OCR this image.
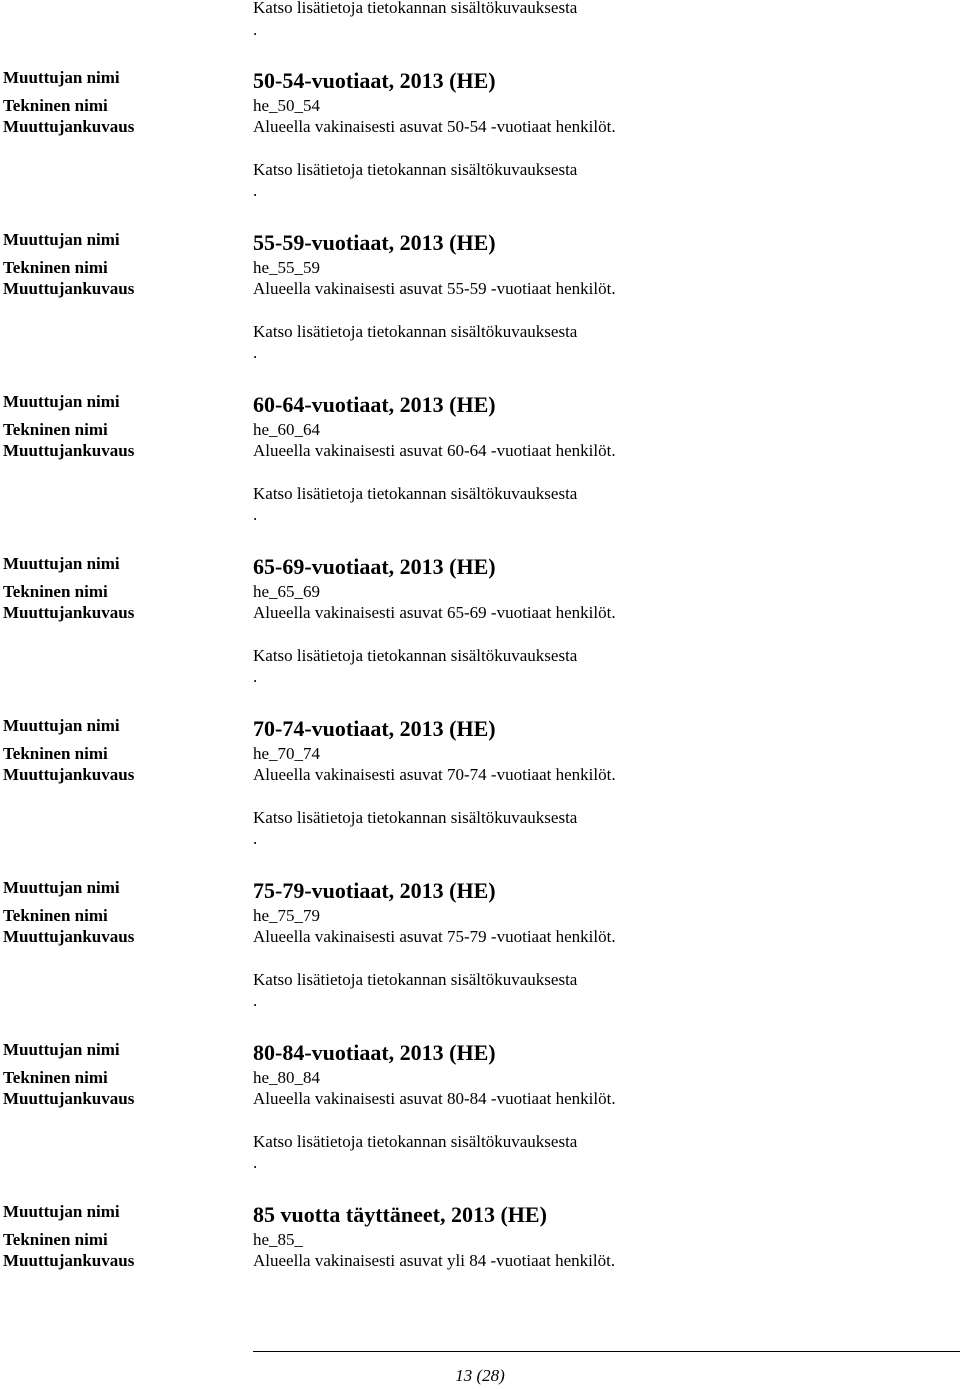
Katso lisätietoja tietokannan sisältökuvauksesta
.
Muuttujan nimi	50-54-vuotiaat, 2013 (HE)
Tekninen nimi	he_50_54
Muuttujankuvaus	Alueella vakinaisesti asuvat 50-54 -vuotiaat henkilöt.
Katso lisätietoja tietokannan sisältökuvauksesta
.
Muuttujan nimi	55-59-vuotiaat, 2013 (HE)
Tekninen nimi	he_55_59
Muuttujankuvaus	Alueella vakinaisesti asuvat 55-59 -vuotiaat henkilöt.
Katso lisätietoja tietokannan sisältökuvauksesta
.
Muuttujan nimi	60-64-vuotiaat, 2013 (HE)
Tekninen nimi	he_60_64
Muuttujankuvaus	Alueella vakinaisesti asuvat 60-64 -vuotiaat henkilöt.
Katso lisätietoja tietokannan sisältökuvauksesta
.
Muuttujan nimi	65-69-vuotiaat, 2013 (HE)
Tekninen nimi	he_65_69
Muuttujankuvaus	Alueella vakinaisesti asuvat 65-69 -vuotiaat henkilöt.
Katso lisätietoja tietokannan sisältökuvauksesta
.
Muuttujan nimi	70-74-vuotiaat, 2013 (HE)
Tekninen nimi	he_70_74
Muuttujankuvaus	Alueella vakinaisesti asuvat 70-74 -vuotiaat henkilöt.
Katso lisätietoja tietokannan sisältökuvauksesta
.
Muuttujan nimi	75-79-vuotiaat, 2013 (HE)
Tekninen nimi	he_75_79
Muuttujankuvaus	Alueella vakinaisesti asuvat 75-79 -vuotiaat henkilöt.
Katso lisätietoja tietokannan sisältökuvauksesta
.
Muuttujan nimi	80-84-vuotiaat, 2013 (HE)
Tekninen nimi	he_80_84
Muuttujankuvaus	Alueella vakinaisesti asuvat 80-84 -vuotiaat henkilöt.
Katso lisätietoja tietokannan sisältökuvauksesta
.
Muuttujan nimi	85 vuotta täyttäneet, 2013 (HE)
Tekninen nimi	he_85_
Muuttujankuvaus	Alueella vakinaisesti asuvat yli 84 -vuotiaat henkilöt.
13 (28)
